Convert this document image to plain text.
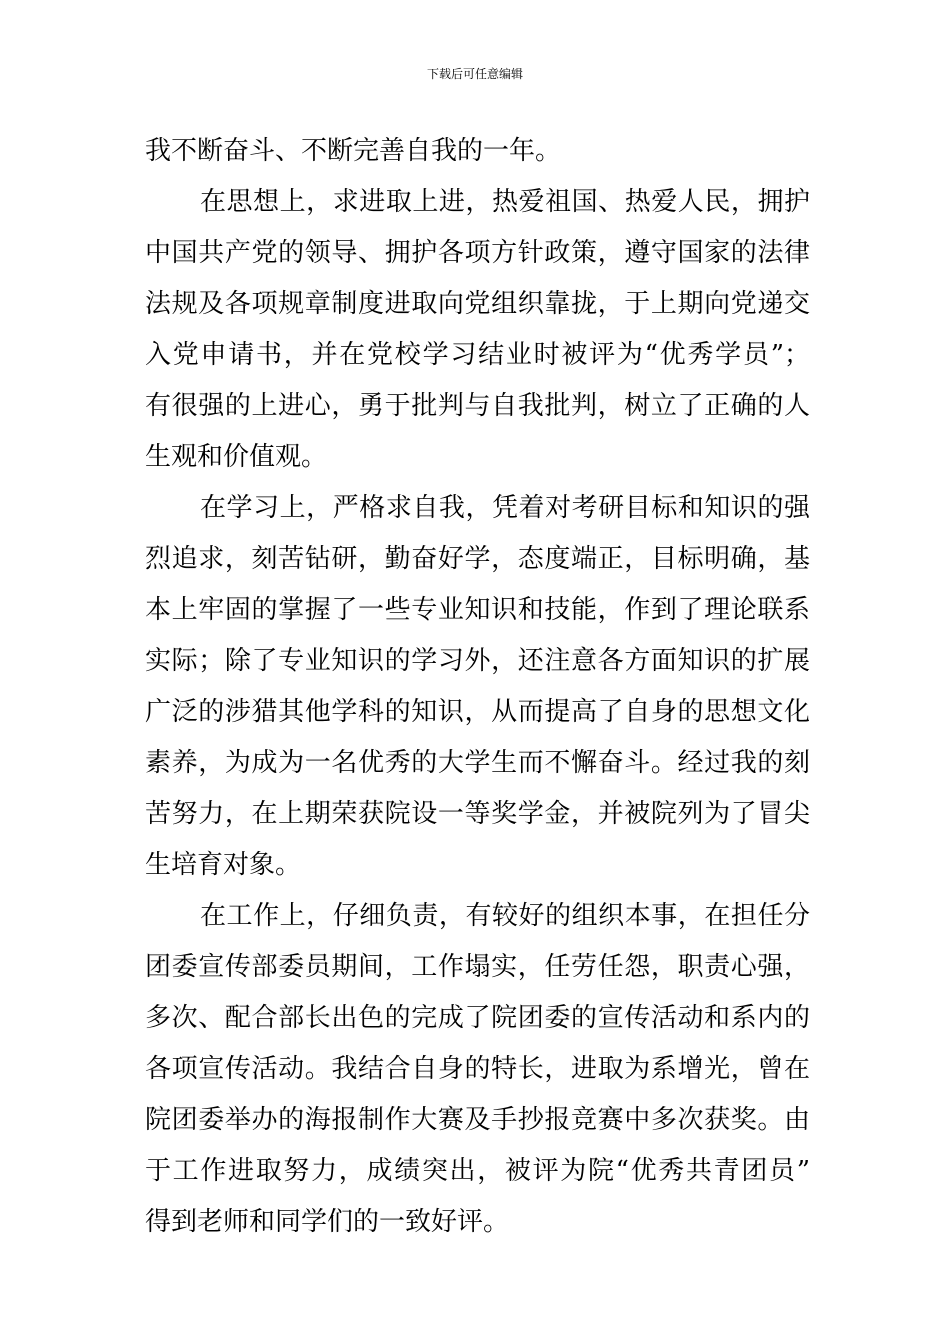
下载后可任意编辑
我不断奋斗、不断完善自我的一年。
在思想上，求进取上进，热爱祖国、热爱人民，拥护
中国共产党的领导、拥护各项方针政策，遵守国家的法律
法规及各项规章制度进取向党组织靠拢，于上期向党递交
入党申请书，并在党校学习结业时被评为“优秀学员”；
有很强的上进心，勇于批判与自我批判，树立了正确的人
生观和价值观。
在学习上，严格求自我，凭着对考研目标和知识的强
烈追求，刻苦钻研，勤奋好学，态度端正，目标明确，基
本上牢固的掌握了一些专业知识和技能，作到了理论联系
实际；除了专业知识的学习外，还注意各方面知识的扩展
广泛的涉猎其他学科的知识，从而提高了自身的思想文化
素养，为成为一名优秀的大学生而不懈奋斗。经过我的刻
苦努力，在上期荣获院设一等奖学金，并被院列为了冒尖
生培育对象。
在工作上，仔细负责，有较好的组织本事，在担任分
团委宣传部委员期间，工作塌实，任劳任怨，职责心强，
多次、配合部长出色的完成了院团委的宣传活动和系内的
各项宣传活动。我结合自身的特长，进取为系增光，曾在
院团委举办的海报制作大赛及手抄报竞赛中多次获奖。由
于工作进取努力，成绩突出，被评为院“优秀共青团员”
得到老师和同学们的一致好评。
